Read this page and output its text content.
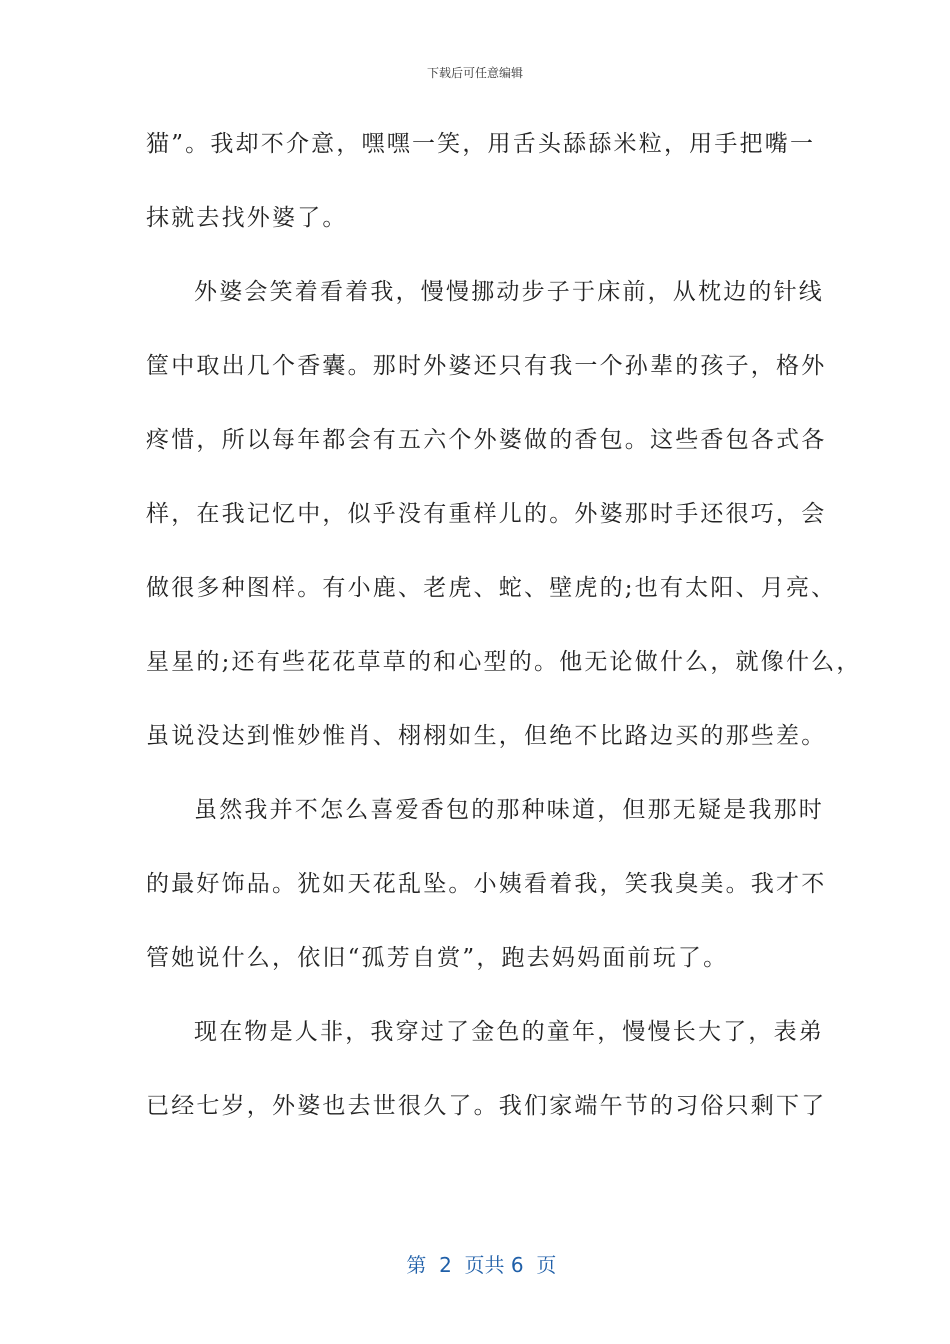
下载后可任意编辑
猫”。我却不介意，嘿嘿一笑，用舌头舔舔米粒，用手把嘴一
抹就去找外婆了。
外婆会笑着看着我，慢慢挪动步子于床前，从枕边的针线
筐中取出几个香囊。那时外婆还只有我一个孙辈的孩子，格外
疼惜，所以每年都会有五六个外婆做的香包。这些香包各式各
样，在我记忆中，似乎没有重样儿的。外婆那时手还很巧，会
做很多种图样。有小鹿、老虎、蛇、壁虎的;也有太阳、月亮、
星星的;还有些花花草草的和心型的。他无论做什么，就像什么，
虽说没达到惟妙惟肖、栩栩如生，但绝不比路边买的那些差。
虽然我并不怎么喜爱香包的那种味道，但那无疑是我那时
的最好饰品。犹如天花乱坠。小姨看着我，笑我臭美。我才不
管她说什么，依旧“孤芳自赏”，跑去妈妈面前玩了。
现在物是人非，我穿过了金色的童年，慢慢长大了，表弟
已经七岁，外婆也去世很久了。我们家端午节的习俗只剩下了

第  2  页共 6  页
